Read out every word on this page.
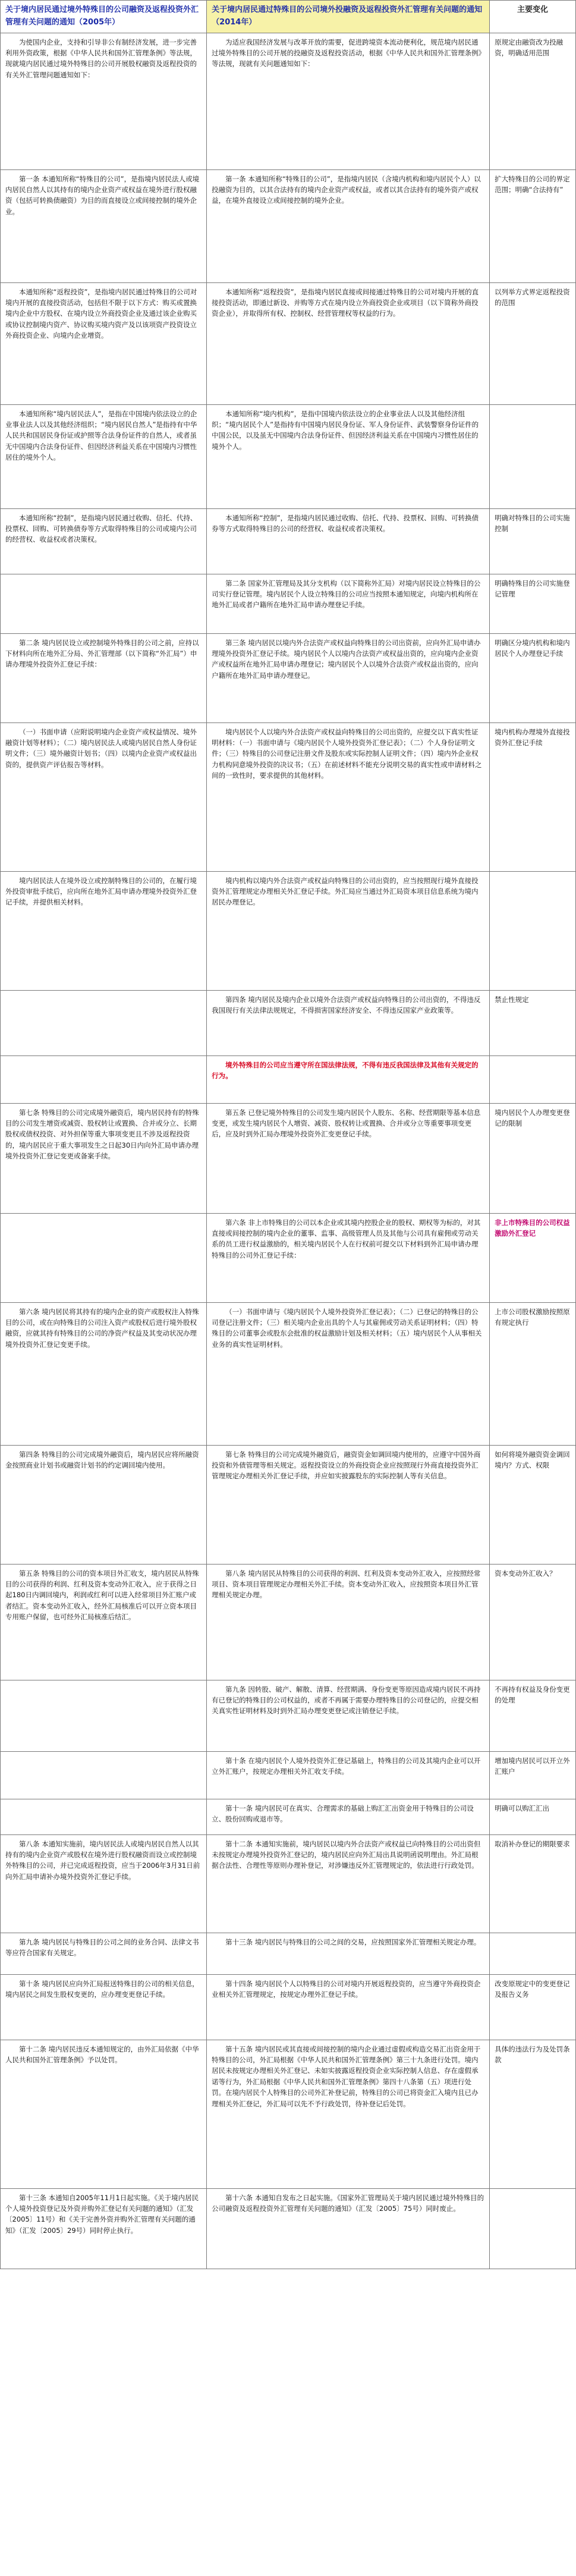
关于境内居民通过境外特殊目的公司融资及返程投资外汇管理有关问题的通知（2005年）	关于境内居民通过特殊目的公司境外投融资及返程投资外汇管理有关问题的通知（2014年）	主要变化

为使国内企业，支持和引导非公有制经济发展，进一步完善利用外资政策，根据《中华人民共和国外汇管理条例》等法规，现就境内居民通过境外特殊目的公司开展股权融资及返程投资的有关外汇管理问题通知如下：	为适应我国经济发展与改革开放的需要，促进跨境资本流动便利化，规范境内居民通过境外特殊目的公司开展的投融资及返程投资活动，根据《中华人民共和国外汇管理条例》等法规，现就有关问题通知如下：	原规定由融资改为投融资，明确适用范围

第一条 本通知所称“特殊目的公司”，是指境内居民法人或境内居民自然人以其持有的境内企业资产或权益在境外进行股权融资（包括可转换债融资）为目的而直接设立或间接控制的境外企业。	第一条 本通知所称“特殊目的公司”，是指境内居民（含境内机构和境内居民个人）以投融资为目的，以其合法持有的境内企业资产或权益，或者以其合法持有的境外资产或权益，在境外直接设立或间接控制的境外企业。	扩大特殊目的公司的界定范围；明确“合法持有”

本通知所称“返程投资”，是指境内居民通过特殊目的公司对境内开展的直接投资活动，包括但不限于以下方式：购买或置换境内企业中方股权、在境内设立外商投资企业及通过该企业购买或协议控制境内资产、协议购买境内资产及以该项资产投资设立外商投资企业、向境内企业增资。	本通知所称“返程投资”，是指境内居民直接或间接通过特殊目的公司对境内开展的直接投资活动，即通过新设、并购等方式在境内设立外商投资企业或项目（以下简称外商投资企业），并取得所有权、控制权、经营管理权等权益的行为。	以列举方式界定返程投资的范围

本通知所称“境内居民法人”，是指在中国境内依法设立的企业事业法人以及其他经济组织；“境内居民自然人”是指持有中华人民共和国居民身份证或护照等合法身份证件的自然人，或者虽无中国境内合法身份证件、但因经济利益关系在中国境内习惯性居住的境外个人。	本通知所称“境内机构”，是指中国境内依法设立的企业事业法人以及其他经济组织；“境内居民个人”是指持有中国境内居民身份证、军人身份证件、武装警察身份证件的中国公民，以及虽无中国境内合法身份证件、但因经济利益关系在中国境内习惯性居住的境外个人。	

本通知所称“控制”，是指境内居民通过收购、信托、代持、投票权、回购、可转换债券等方式取得特殊目的公司或境内公司的经营权、收益权或者决策权。	本通知所称“控制”，是指境内居民通过收购、信托、代持、投票权、回购、可转换债券等方式取得特殊目的公司的经营权、收益权或者决策权。	明确对特殊目的公司实施控制

	第二条 国家外汇管理局及其分支机构（以下简称外汇局）对境内居民设立特殊目的公司实行登记管理。境内居民个人设立特殊目的公司应当按照本通知规定，向境内机构所在地外汇局或者户籍所在地外汇局申请办理登记手续。	明确特殊目的公司实施登记管理

第二条 境内居民设立或控制境外特殊目的公司之前，应持以下材料向所在地外汇分局、外汇管理部（以下简称“外汇局”）申请办理境外投资外汇登记手续：	第三条 境内居民以境内外合法资产或权益向特殊目的公司出资前，应向外汇局申请办理境外投资外汇登记手续。境内居民个人以境内合法资产或权益出资的，应向境内企业资产或权益所在地外汇局申请办理登记；境内居民个人以境外合法资产或权益出资的，应向户籍所在地外汇局申请办理登记。	明确区分境内机构和境内居民个人办理登记手续

（一）书面申请（应附说明境内企业资产或权益情况、境外融资计划等材料）；（二）境内居民法人或境内居民自然人身份证明文件；（三）境外融资计划书；（四）以境内企业资产或权益出资的，提供资产评估报告等材料。	境内居民个人以境内外合法资产或权益向特殊目的公司出资的，应提交以下真实性证明材料：（一）书面申请与《境内居民个人境外投资外汇登记表》；（二）个人身份证明文件；（三）特殊目的公司登记注册文件及股东或实际控制人证明文件；（四）境内外企业权力机构同意境外投资的决议书；（五）在前述材料不能充分说明交易的真实性或申请材料之间的一致性时，要求提供的其他材料。	境内机构办理境外直接投资外汇登记手续

境内居民法人在境外设立或控制特殊目的公司的，在履行境外投资审批手续后，应向所在地外汇局申请办理境外投资外汇登记手续，并提供相关材料。	境内机构以境内外合法资产或权益向特殊目的公司出资的，应当按照现行境外直接投资外汇管理规定办理相关外汇登记手续。外汇局应当通过外汇局资本项目信息系统为境内居民办理登记。	

	第四条 境内居民及境内企业以境外合法资产或权益向特殊目的公司出资的，不得违反我国现行有关法律法规规定，不得损害国家经济安全、不得违反国家产业政策等。	禁止性规定

	境外特殊目的公司应当遵守所在国法律法规，不得有违反我国法律及其他有关规定的行为。	

第七条 特殊目的公司完成境外融资后，境内居民持有的特殊目的公司发生增资或减资、股权转让或置换、合并或分立、长期股权或债权投资、对外担保等重大事项变更且不涉及返程投资的，境内居民应于重大事项发生之日起30日内向外汇局申请办理境外投资外汇登记变更或备案手续。	第五条 已登记境外特殊目的公司发生境内居民个人股东、名称、经营期限等基本信息变更，或发生境内居民个人增资、减资、股权转让或置换、合并或分立等重要事项变更后，应及时到外汇局办理境外投资外汇变更登记手续。	境内居民个人办理变更登记的限制

	第六条 非上市特殊目的公司以本企业或其境内控股企业的股权、期权等为标的，对其直接或间接控制的境内企业的董事、监事、高级管理人员及其他与公司具有雇佣或劳动关系的员工进行权益激励的，相关境内居民个人在行权前可提交以下材料到外汇局申请办理特殊目的公司外汇登记手续：	非上市特殊目的公司权益激励外汇登记

第六条 境内居民将其持有的境内企业的资产或股权注入特殊目的公司，或在向特殊目的公司注入资产或股权后进行境外股权融资，应就其持有特殊目的公司的净资产权益及其变动状况办理境外投资外汇登记变更手续。	（一）书面申请与《境内居民个人境外投资外汇登记表》；（二）已登记的特殊目的公司登记注册文件；（三）相关境内企业出具的个人与其雇佣或劳动关系证明材料；（四）特殊目的公司董事会或股东会批准的权益激励计划及相关材料；（五）境内居民个人从事相关业务的真实性证明材料。	上市公司股权激励按照原有规定执行

第四条 特殊目的公司完成境外融资后，境内居民应将所融资金按照商业计划书或融资计划书的约定调回境内使用。	第七条 特殊目的公司完成境外融资后，融资资金如调回境内使用的，应遵守中国外商投资和外债管理等相关规定。返程投资设立的外商投资企业应按照现行外商直接投资外汇管理规定办理相关外汇登记手续，并应如实披露股东的实际控制人等有关信息。	如何将境外融资资金调回境内？方式、权限

第五条 特殊目的公司的资本项目外汇收支，境内居民从特殊目的公司获得的利润、红利及资本变动外汇收入，应于获得之日起180日内调回境内，利润或红利可以进入经常项目外汇账户或者结汇。资本变动外汇收入，经外汇局核准后可以开立资本项目专用账户保留，也可经外汇局核准后结汇。	第八条 境内居民从特殊目的公司获得的利润、红利及资本变动外汇收入，应按照经常项目、资本项目管理规定办理相关外汇手续。资本变动外汇收入，应按照资本项目外汇管理相关规定办理。	资本变动外汇收入？

	第九条 因转股、破产、解散、清算、经营期满、身份变更等原因造成境内居民不再持有已登记的特殊目的公司权益的，或者不再属于需要办理特殊目的公司登记的，应提交相关真实性证明材料及时到外汇局办理变更登记或注销登记手续。	不再持有权益及身份变更的处理

	第十条 在境内居民个人境外投资外汇登记基础上，特殊目的公司及其境内企业可以开立外汇账户，按规定办理相关外汇收支手续。	增加境内居民可以开立外汇账户

	第十一条 境内居民可在真实、合理需求的基础上购汇汇出资金用于特殊目的公司设立、股份回购或退市等。	明确可以购汇汇出

第八条 本通知实施前，境内居民法人或境内居民自然人以其持有的境内企业资产或股权在境外进行股权融资而设立或控制境外特殊目的公司，并已完成返程投资，应当于2006年3月31日前向外汇局申请补办境外投资外汇登记手续。	第十二条 本通知实施前，境内居民以境内外合法资产或权益已向特殊目的公司出资但未按规定办理境外投资外汇登记的，境内居民应向外汇局出具说明函说明理由。外汇局根据合法性、合理性等原则办理补登记，对涉嫌违反外汇管理规定的，依法进行行政处罚。	取消补办登记的期限要求

第九条 境内居民与特殊目的公司之间的业务合同、法律文书等应符合国家有关规定。	第十三条 境内居民与特殊目的公司之间的交易，应按照国家外汇管理相关规定办理。	

第十条 境内居民应向外汇局报送特殊目的公司的相关信息，境内居民之间发生股权变更的，应办理变更登记手续。	第十四条 境内居民个人以特殊目的公司对境内开展返程投资的，应当遵守外商投资企业相关外汇管理规定，按规定办理外汇登记手续。	改变原规定中的变更登记及报告义务

第十二条 境内居民违反本通知规定的，由外汇局依据《中华人民共和国外汇管理条例》予以处罚。	第十五条 境内居民或其直接或间接控制的境内企业通过虚假或构造交易汇出资金用于特殊目的公司，外汇局根据《中华人民共和国外汇管理条例》第三十九条进行处罚。境内居民未按规定办理相关外汇登记、未如实披露返程投资企业实际控制人信息、存在虚假承诺等行为，外汇局根据《中华人民共和国外汇管理条例》第四十八条第（五）项进行处罚。在境内居民个人特殊目的公司外汇补登记前，特殊目的公司已将资金汇入境内且已办理相关外汇登记，外汇局可以先不予行政处罚，待补登记后处罚。	具体的违法行为及处罚条款

第十三条 本通知自2005年11月1日起实施。《关于境内居民个人境外投资登记及外资并购外汇登记有关问题的通知》（汇发〔2005〕11号）和《关于完善外资并购外汇管理有关问题的通知》（汇发〔2005〕29号）同时停止执行。	第十六条 本通知自发布之日起实施。《国家外汇管理局关于境内居民通过境外特殊目的公司融资及返程投资外汇管理有关问题的通知》（汇发〔2005〕75号）同时废止。	
